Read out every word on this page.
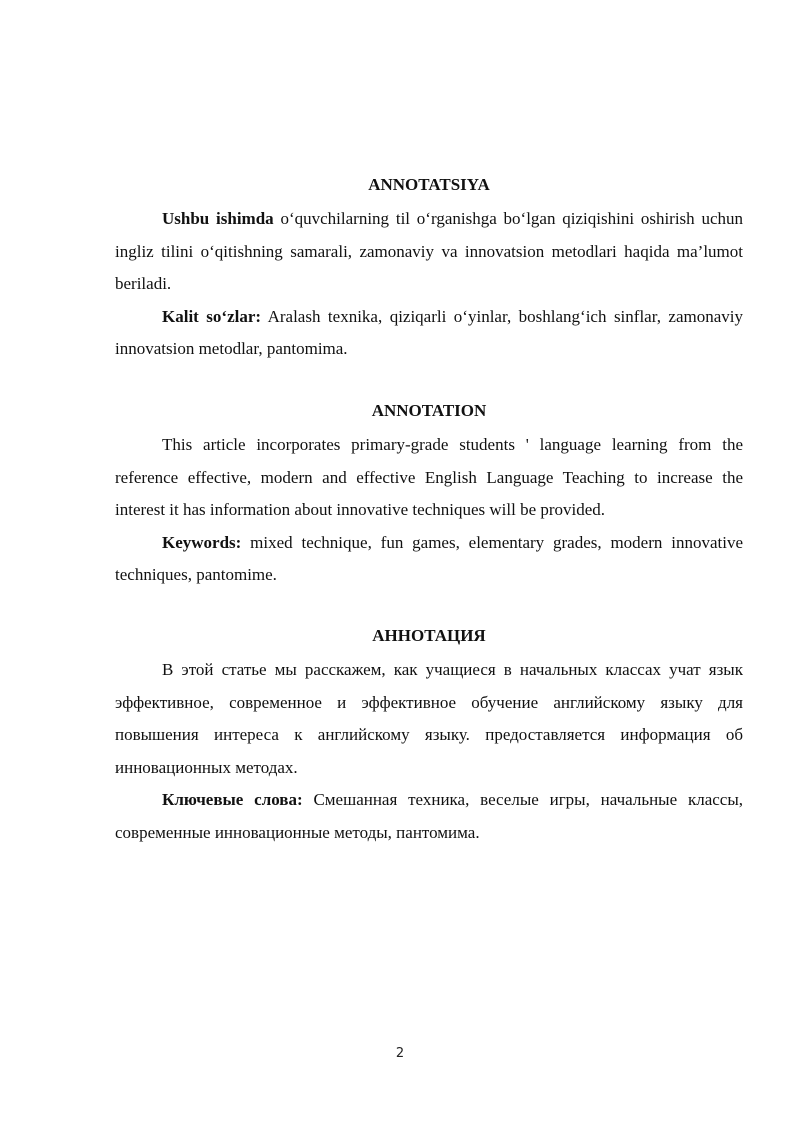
ANNOTATSIYA

Ushbu ishimda o‘quvchilarning til o‘rganishga bo‘lgan qiziqishini oshirish uchun ingliz tilini o‘qitishning samarali, zamonaviy va innovatsion metodlari haqida ma’lumot beriladi.

Kalit so‘zlar: Aralash texnika, qiziqarli o‘yinlar, boshlang‘ich sinflar, zamonaviy innovatsion metodlar, pantomima.

ANNOTATION

This article incorporates primary-grade students ' language learning from the reference effective, modern and effective English Language Teaching to increase the interest it has information about innovative techniques will be provided.

Keywords: mixed technique, fun games, elementary grades, modern innovative techniques, pantomime.

АННОТАЦИЯ

В этой статье мы расскажем, как учащиеся в начальных классах учат язык эффективное, современное и эффективное обучение английскому языку для повышения интереса к английскому языку. предоставляется информация об инновационных методах.

Ключевые слова: Смешанная техника, веселые игры, начальные классы, современные инновационные методы, пантомима.

2
